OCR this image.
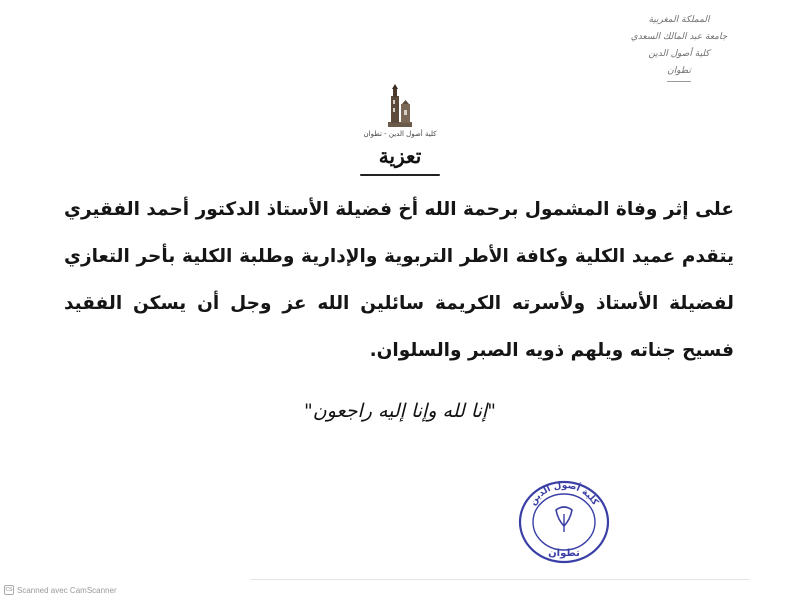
المملكة المغربية
جامعة عبد المالك السعدي
كلية أصول الدين
تطوان
كلية أصول الدين - تطوان
تعزية
على إثر وفاة المشمول برحمة الله أخ فضيلة الأستاذ الدكتور أحمد الفقيري يتقدم عميد الكلية وكافة الأطر التربوية والإدارية وطلبة الكلية بأحر التعازي لفضيلة الأستاذ ولأسرته الكريمة سائلين الله عز وجل أن يسكن الفقيد فسيح جناته ويلهم ذويه الصبر والسلوان.
"إنا لله وإنا إليه راجعون"
كلية أصول الدين
تطوان
CS Scanned avec CamScanner
